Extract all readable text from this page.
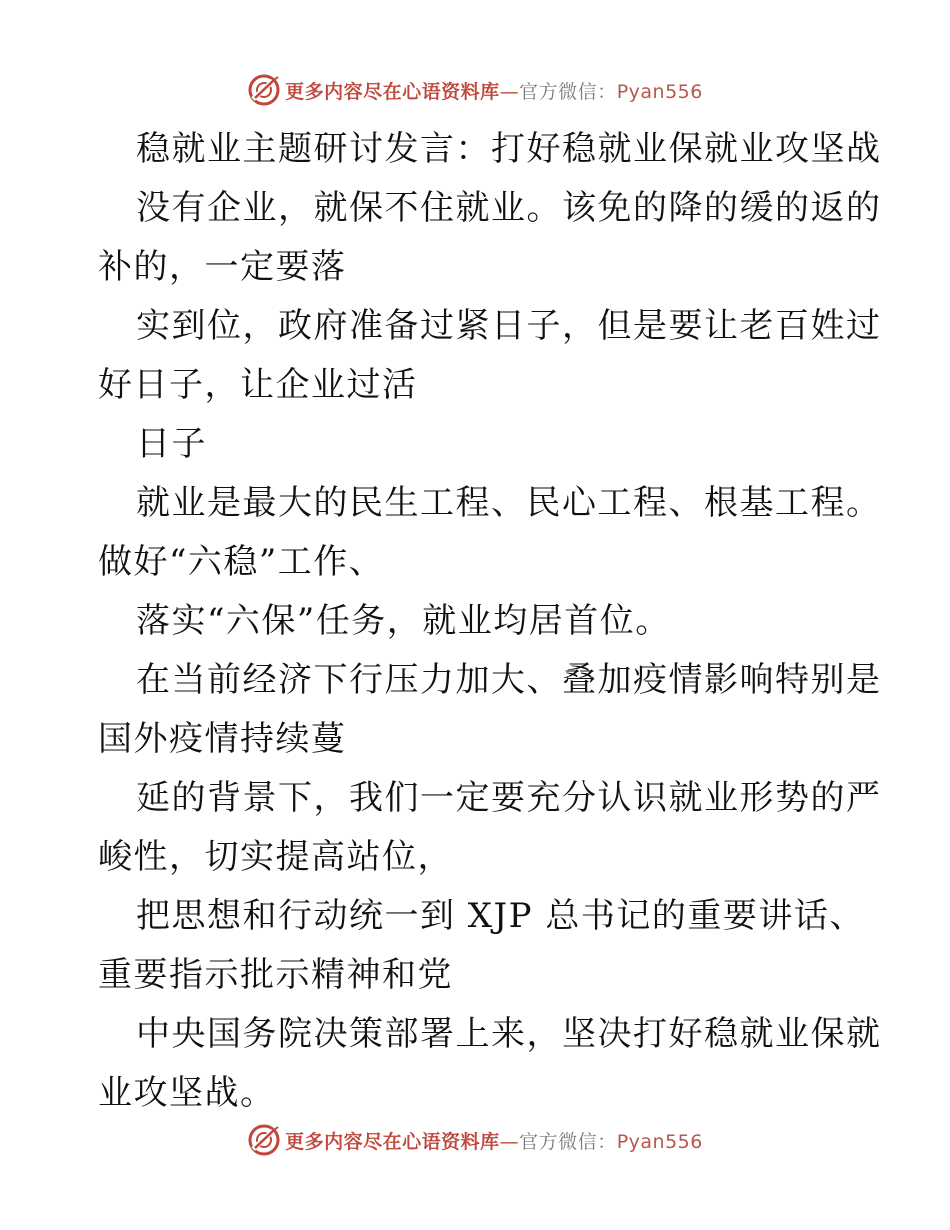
更多内容尽在心语资料库—官方微信：Pyan556
稳就业主题研讨发言：打好稳就业保就业攻坚战
没有企业，就保不住就业。该免的降的缓的返的
补的，一定要落
实到位，政府准备过紧日子，但是要让老百姓过
好日子，让企业过活
日子
就业是最大的民生工程、民心工程、根基工程。
做好“六稳”工作、
落实“六保”任务，就业均居首位。
在当前经济下行压力加大、叠加疫情影响特别是
国外疫情持续蔓
延的背景下，我们一定要充分认识就业形势的严
峻性，切实提高站位，
把思想和行动统一到 XJP 总书记的重要讲话、
重要指示批示精神和党
中央国务院决策部署上来，坚决打好稳就业保就
业攻坚战。
更多内容尽在心语资料库—官方微信：Pyan556
